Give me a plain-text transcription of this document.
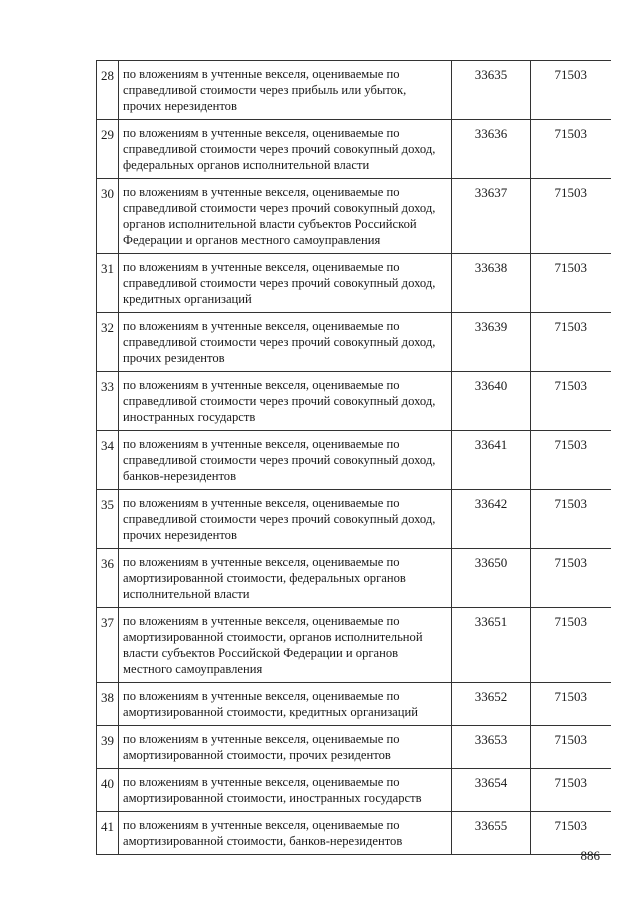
28	по вложениям в учтенные векселя, оцениваемые по справедливой стоимости через прибыль или убыток, прочих нерезидентов	33635	71503
29	по вложениям в учтенные векселя, оцениваемые по справедливой стоимости через прочий совокупный доход, федеральных органов исполнительной власти	33636	71503
30	по вложениям в учтенные векселя, оцениваемые по справедливой стоимости через прочий совокупный доход, органов исполнительной власти субъектов Российской Федерации и органов местного самоуправления	33637	71503
31	по вложениям в учтенные векселя, оцениваемые по справедливой стоимости через прочий совокупный доход, кредитных организаций	33638	71503
32	по вложениям в учтенные векселя, оцениваемые по справедливой стоимости через прочий совокупный доход, прочих резидентов	33639	71503
33	по вложениям в учтенные векселя, оцениваемые по справедливой стоимости через прочий совокупный доход, иностранных государств	33640	71503
34	по вложениям в учтенные векселя, оцениваемые по справедливой стоимости через прочий совокупный доход, банков-нерезидентов	33641	71503
35	по вложениям в учтенные векселя, оцениваемые по справедливой стоимости через прочий совокупный доход, прочих нерезидентов	33642	71503
36	по вложениям в учтенные векселя, оцениваемые по амортизированной стоимости, федеральных органов исполнительной власти	33650	71503
37	по вложениям в учтенные векселя, оцениваемые по амортизированной стоимости, органов исполнительной власти субъектов Российской Федерации и органов местного самоуправления	33651	71503
38	по вложениям в учтенные векселя, оцениваемые по амортизированной стоимости, кредитных организаций	33652	71503
39	по вложениям в учтенные векселя, оцениваемые по амортизированной стоимости, прочих резидентов	33653	71503
40	по вложениям в учтенные векселя, оцениваемые по амортизированной стоимости, иностранных государств	33654	71503
41	по вложениям в учтенные векселя, оцениваемые по амортизированной стоимости, банков-нерезидентов	33655	71503
886
